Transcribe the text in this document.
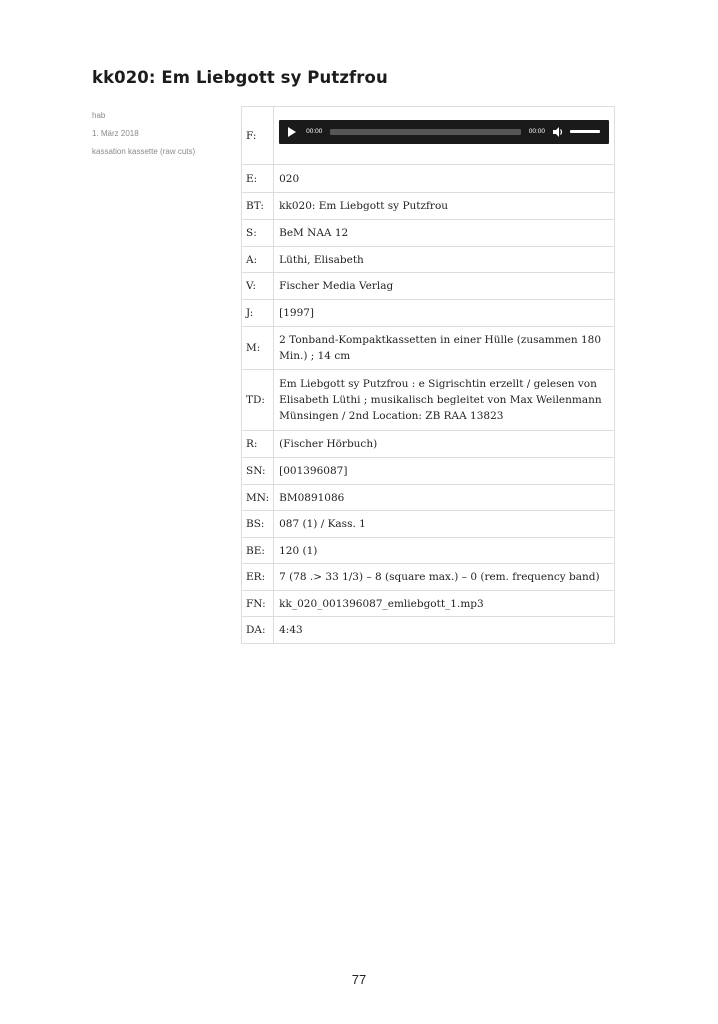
kk020: Em Liebgott sy Putzfrou
hab
1. März 2018
kassation kassette (raw cuts)
F:	00:00 00:00

E:	020
BT:	kk020: Em Liebgott sy Putzfrou
S:	BeM NAA 12
A:	Lüthi, Elisabeth
V:	Fischer Media Verlag
J:	[1997]
M:	2 Tonband-Kompaktkassetten in einer Hülle (zusammen 180 Min.) ; 14 cm
TD:	Em Liebgott sy Putzfrou : e Sigrischtin erzellt / gelesen von Elisabeth Lüthi ; musikalisch begleitet von Max Weilenmann Münsingen / 2nd Location: ZB RAA 13823
R:	(Fischer Hörbuch)
SN:	[001396087]
MN:	BM0891086
BS:	087 (1) / Kass. 1
BE:	120 (1)
ER:	7 (78 .> 33 1/3) – 8 (square max.) – 0 (rem. frequency band)
FN:	kk_020_001396087_emliebgott_1.mp3
DA:	4:43
77
